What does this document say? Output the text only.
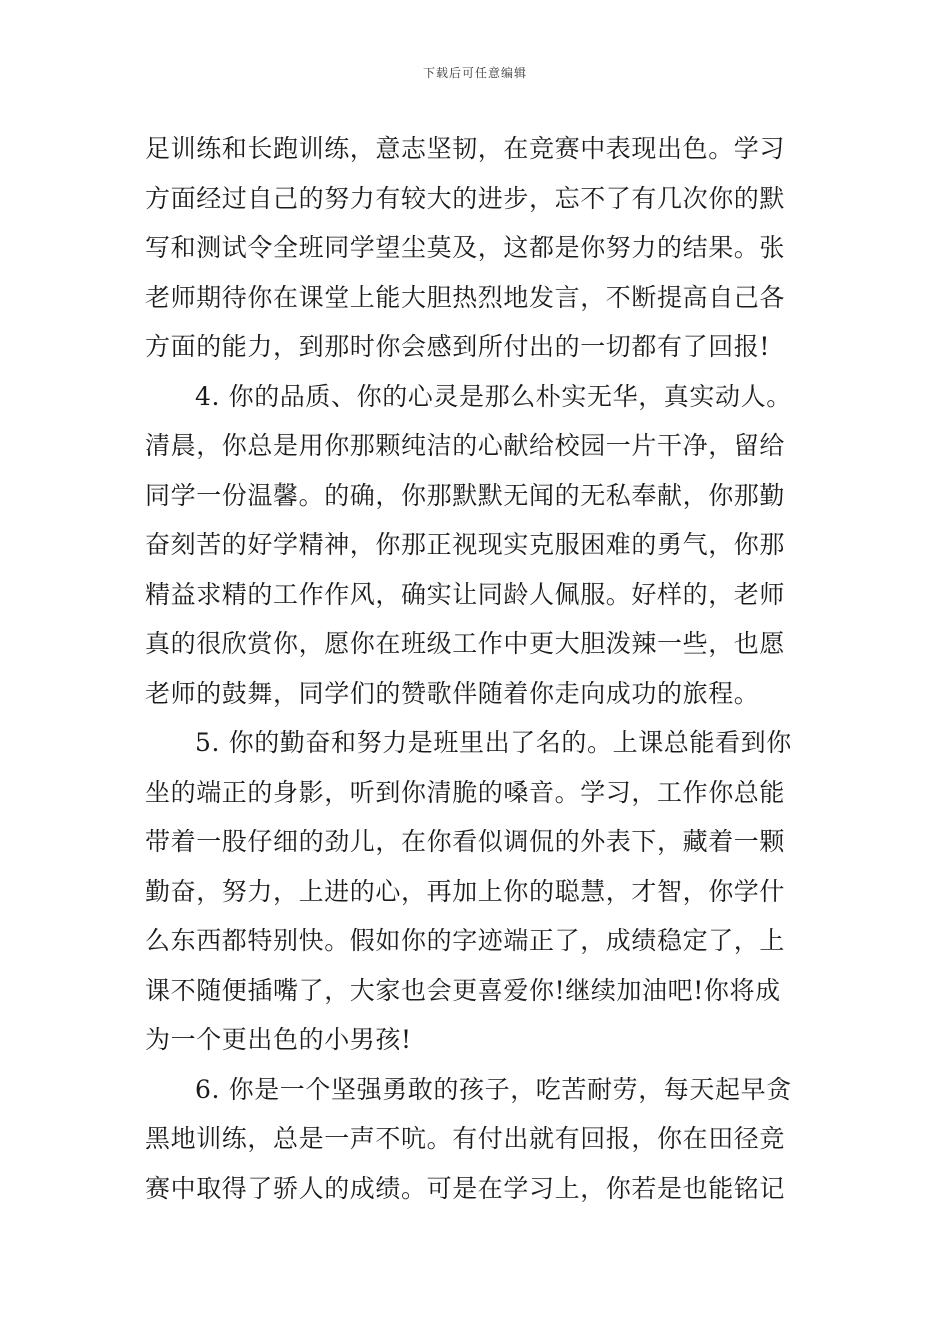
下载后可任意编辑
足训练和长跑训练，意志坚韧，在竞赛中表现出色。学习
方面经过自己的努力有较大的进步，忘不了有几次你的默
写和测试令全班同学望尘莫及，这都是你努力的结果。张
老师期待你在课堂上能大胆热烈地发言，不断提高自己各
方面的能力，到那时你会感到所付出的一切都有了回报!
4. 你的品质、你的心灵是那么朴实无华，真实动人。
清晨，你总是用你那颗纯洁的心献给校园一片干净，留给
同学一份温馨。的确，你那默默无闻的无私奉献，你那勤
奋刻苦的好学精神，你那正视现实克服困难的勇气，你那
精益求精的工作作风，确实让同龄人佩服。好样的，老师
真的很欣赏你，愿你在班级工作中更大胆泼辣一些，也愿
老师的鼓舞，同学们的赞歌伴随着你走向成功的旅程。
5. 你的勤奋和努力是班里出了名的。上课总能看到你
坐的端正的身影，听到你清脆的嗓音。学习，工作你总能
带着一股仔细的劲儿，在你看似调侃的外表下，藏着一颗
勤奋，努力，上进的心，再加上你的聪慧，才智，你学什
么东西都特别快。假如你的字迹端正了，成绩稳定了，上
课不随便插嘴了，大家也会更喜爱你!继续加油吧!你将成
为一个更出色的小男孩!
6. 你是一个坚强勇敢的孩子，吃苦耐劳，每天起早贪
黑地训练，总是一声不吭。有付出就有回报，你在田径竞
赛中取得了骄人的成绩。可是在学习上，你若是也能铭记
